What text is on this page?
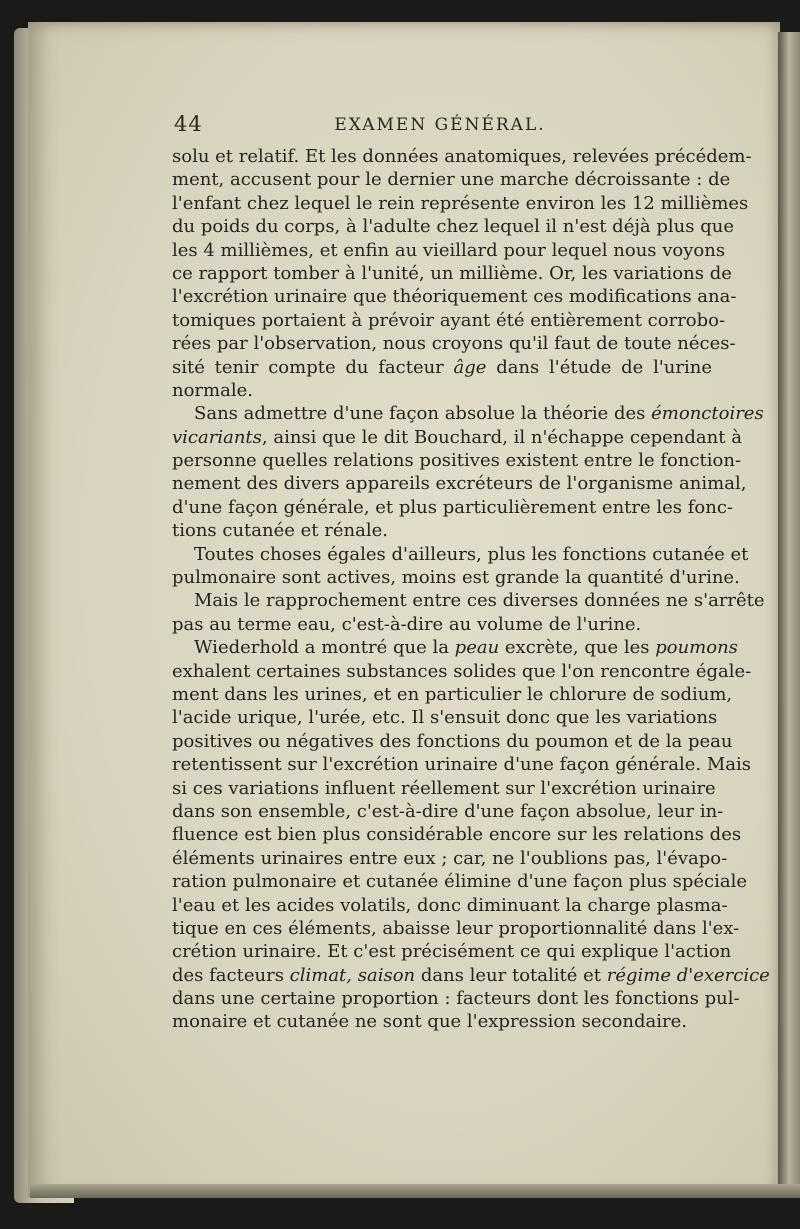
44	EXAMEN GÉNÉRAL.
solu et relatif. Et les données anatomiques, relevées précédem-
ment, accusent pour le dernier une marche décroissante : de
l'enfant chez lequel le rein représente environ les 12 millièmes
du poids du corps, à l'adulte chez lequel il n'est déjà plus que
les 4 millièmes, et enfin au vieillard pour lequel nous voyons
ce rapport tomber à l'unité, un millième. Or, les variations de
l'excrétion urinaire que théoriquement ces modifications ana-
tomiques portaient à prévoir ayant été entièrement corrobo-
rées par l'observation, nous croyons qu'il faut de toute néces-
sité tenir compte du facteur âge dans l'étude de l'urine
normale.
Sans admettre d'une façon absolue la théorie des émonctoires
vicariants, ainsi que le dit Bouchard, il n'échappe cependant à
personne quelles relations positives existent entre le fonction-
nement des divers appareils excréteurs de l'organisme animal,
d'une façon générale, et plus particulièrement entre les fonc-
tions cutanée et rénale.
Toutes choses égales d'ailleurs, plus les fonctions cutanée et
pulmonaire sont actives, moins est grande la quantité d'urine.
Mais le rapprochement entre ces diverses données ne s'arrête
pas au terme eau, c'est-à-dire au volume de l'urine.
Wiederhold a montré que la peau excrète, que les poumons
exhalent certaines substances solides que l'on rencontre égale-
ment dans les urines, et en particulier le chlorure de sodium,
l'acide urique, l'urée, etc. Il s'ensuit donc que les variations
positives ou négatives des fonctions du poumon et de la peau
retentissent sur l'excrétion urinaire d'une façon générale. Mais
si ces variations influent réellement sur l'excrétion urinaire
dans son ensemble, c'est-à-dire d'une façon absolue, leur in-
fluence est bien plus considérable encore sur les relations des
éléments urinaires entre eux ; car, ne l'oublions pas, l'évapo-
ration pulmonaire et cutanée élimine d'une façon plus spéciale
l'eau et les acides volatils, donc diminuant la charge plasma-
tique en ces éléments, abaisse leur proportionnalité dans l'ex-
crétion urinaire. Et c'est précisément ce qui explique l'action
des facteurs climat, saison dans leur totalité et régime d'exercice
dans une certaine proportion : facteurs dont les fonctions pul-
monaire et cutanée ne sont que l'expression secondaire.
